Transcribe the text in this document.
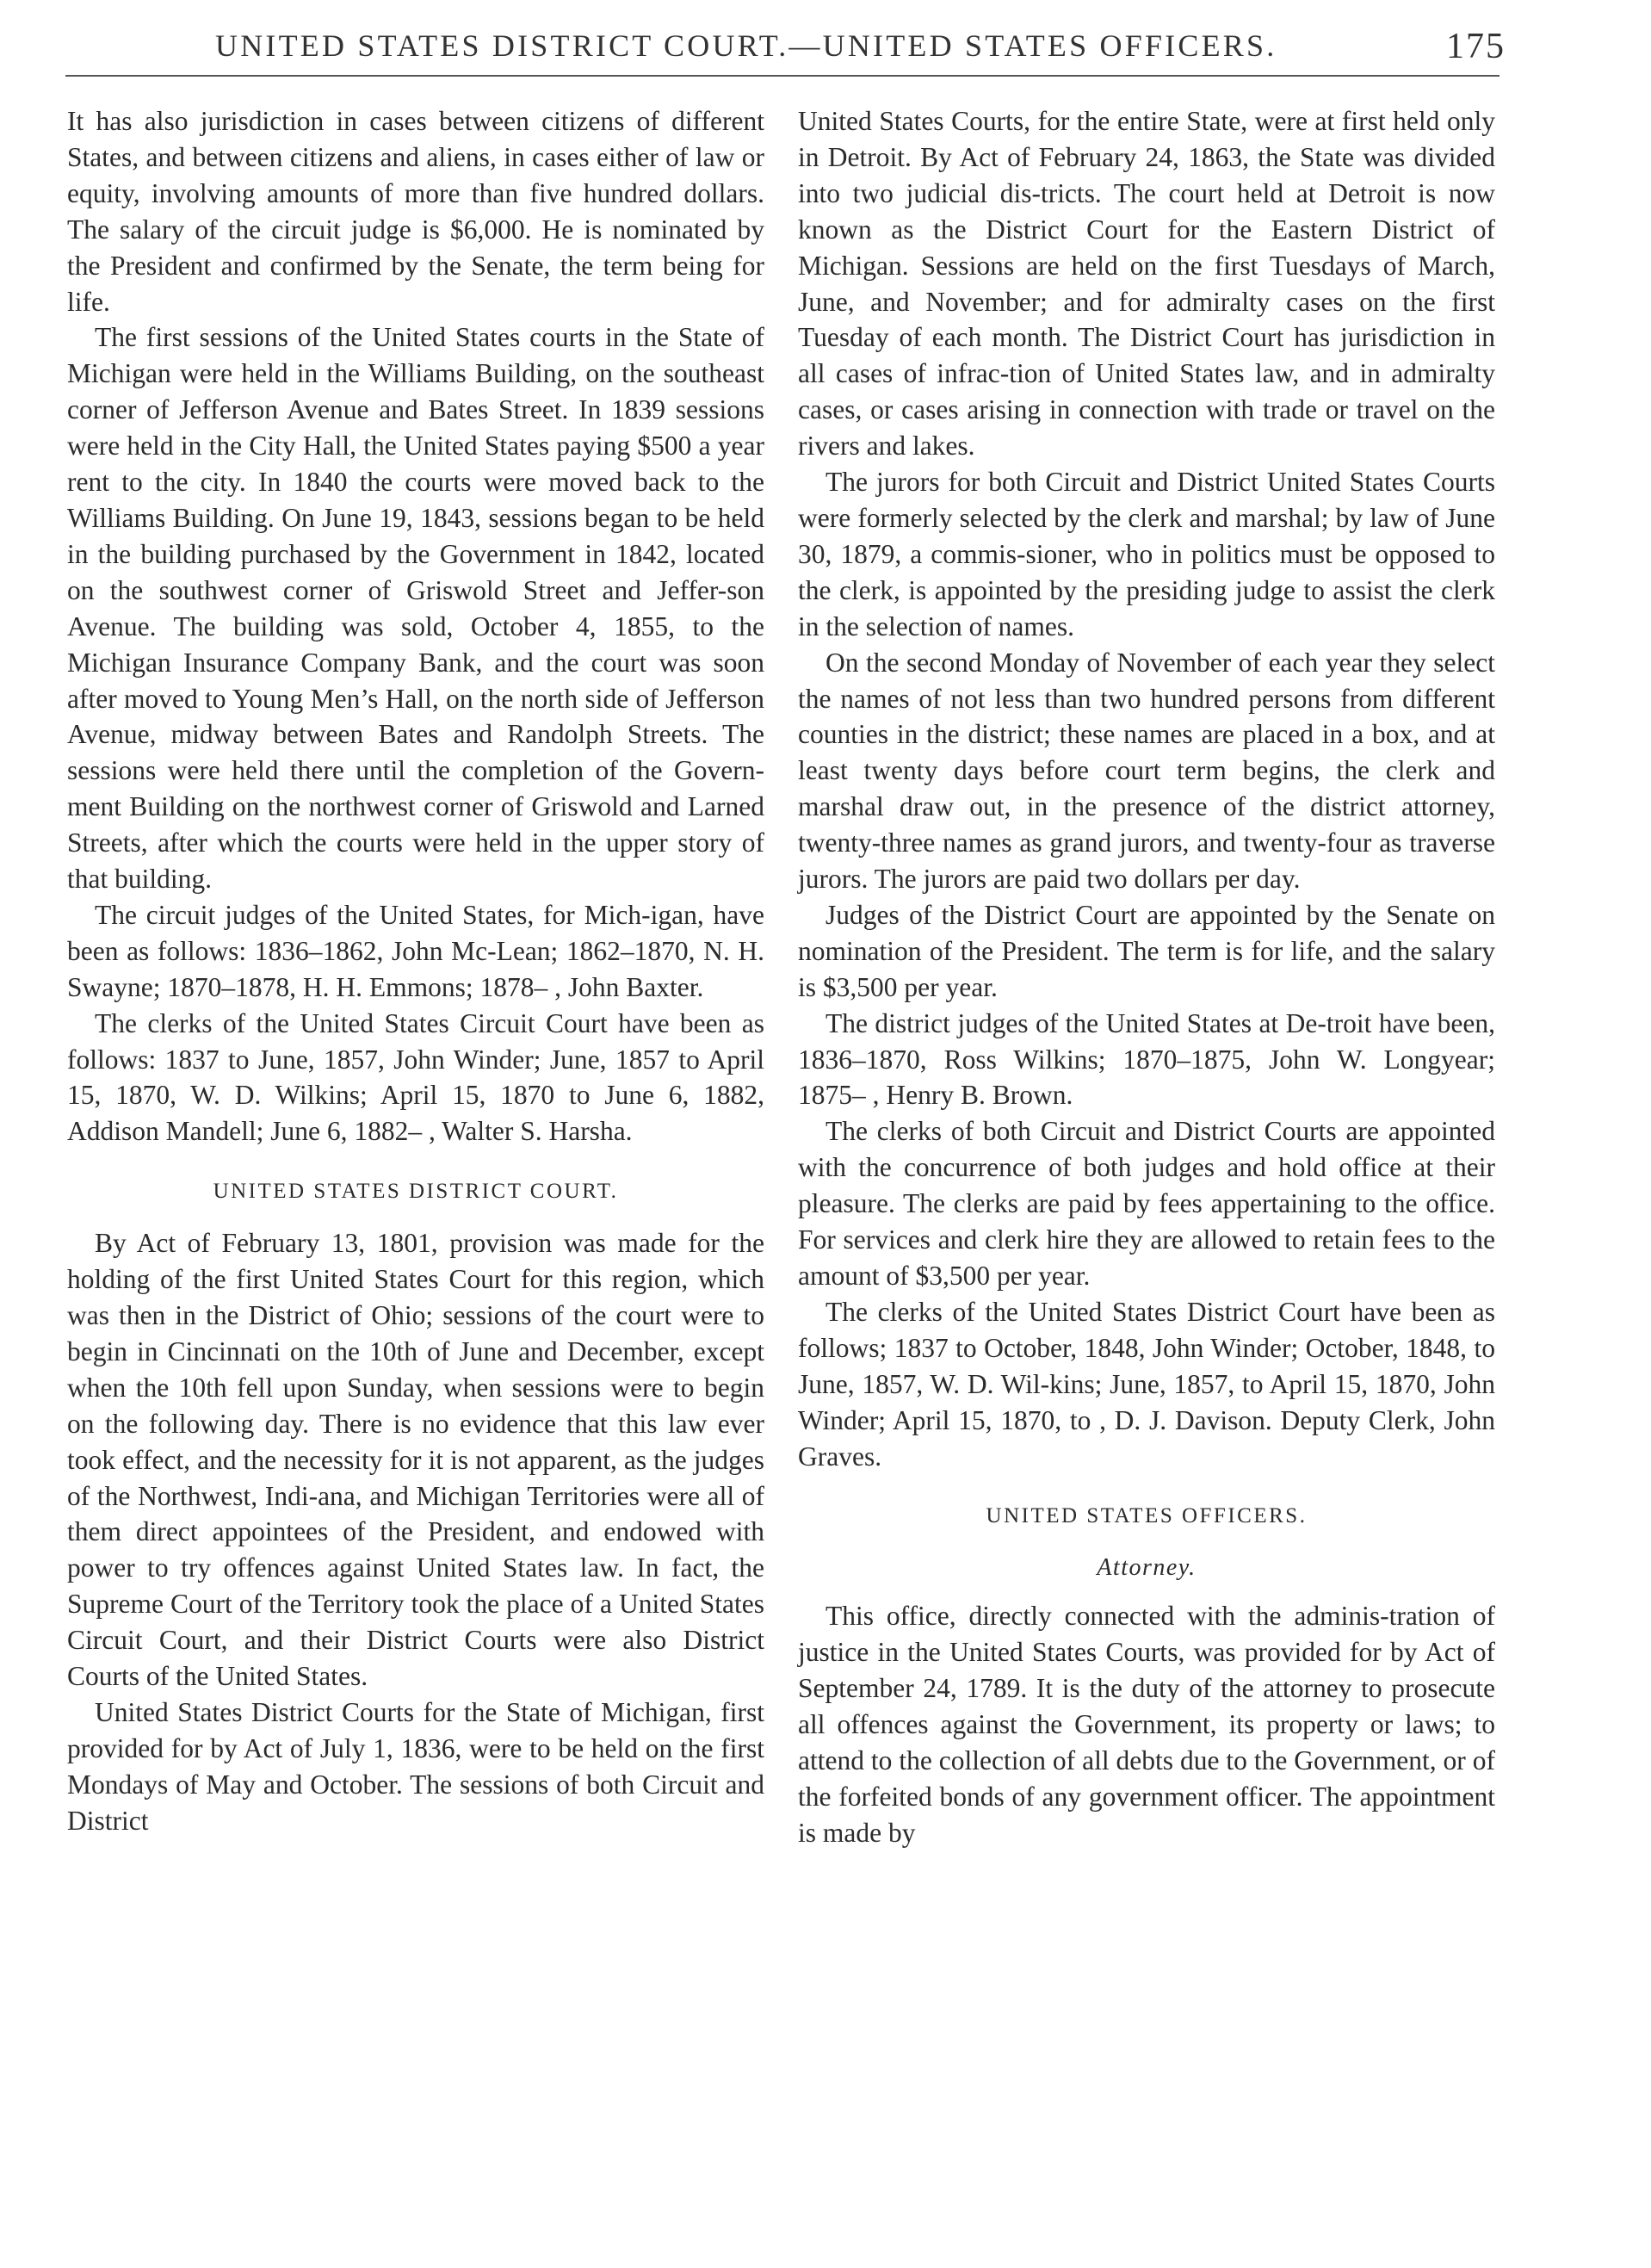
UNITED STATES DISTRICT COURT.—UNITED STATES OFFICERS.	175

It has also jurisdiction in cases between citizens of different States, and between citizens and aliens, in cases either of law or equity, involving amounts of more than five hundred dollars. The salary of the circuit judge is $6,000. He is nominated by the President and confirmed by the Senate, the term being for life.

The first sessions of the United States courts in the State of Michigan were held in the Williams Building, on the southeast corner of Jefferson Avenue and Bates Street. In 1839 sessions were held in the City Hall, the United States paying $500 a year rent to the city. In 1840 the courts were moved back to the Williams Building. On June 19, 1843, sessions began to be held in the building purchased by the Government in 1842, located on the southwest corner of Griswold Street and Jeffer-son Avenue. The building was sold, October 4, 1855, to the Michigan Insurance Company Bank, and the court was soon after moved to Young Men’s Hall, on the north side of Jefferson Avenue, midway between Bates and Randolph Streets. The sessions were held there until the completion of the Govern-ment Building on the northwest corner of Griswold and Larned Streets, after which the courts were held in the upper story of that building.

The circuit judges of the United States, for Mich-igan, have been as follows: 1836–1862, John Mc-Lean; 1862–1870, N. H. Swayne; 1870–1878, H. H. Emmons; 1878– , John Baxter.

The clerks of the United States Circuit Court have been as follows: 1837 to June, 1857, John Winder; June, 1857 to April 15, 1870, W. D. Wilkins; April 15, 1870 to June 6, 1882, Addison Mandell; June 6, 1882– , Walter S. Harsha.

UNITED STATES DISTRICT COURT.

By Act of February 13, 1801, provision was made for the holding of the first United States Court for this region, which was then in the District of Ohio; sessions of the court were to begin in Cincinnati on the 10th of June and December, except when the 10th fell upon Sunday, when sessions were to begin on the following day. There is no evidence that this law ever took effect, and the necessity for it is not apparent, as the judges of the Northwest, Indi-ana, and Michigan Territories were all of them direct appointees of the President, and endowed with power to try offences against United States law. In fact, the Supreme Court of the Territory took the place of a United States Circuit Court, and their District Courts were also District Courts of the United States.

United States District Courts for the State of Michigan, first provided for by Act of July 1, 1836, were to be held on the first Mondays of May and October. The sessions of both Circuit and District

United States Courts, for the entire State, were at first held only in Detroit. By Act of February 24, 1863, the State was divided into two judicial dis-tricts. The court held at Detroit is now known as the District Court for the Eastern District of Michigan. Sessions are held on the first Tuesdays of March, June, and November; and for admiralty cases on the first Tuesday of each month. The District Court has jurisdiction in all cases of infrac-tion of United States law, and in admiralty cases, or cases arising in connection with trade or travel on the rivers and lakes.

The jurors for both Circuit and District United States Courts were formerly selected by the clerk and marshal; by law of June 30, 1879, a commis-sioner, who in politics must be opposed to the clerk, is appointed by the presiding judge to assist the clerk in the selection of names.

On the second Monday of November of each year they select the names of not less than two hundred persons from different counties in the district; these names are placed in a box, and at least twenty days before court term begins, the clerk and marshal draw out, in the presence of the district attorney, twenty-three names as grand jurors, and twenty-four as traverse jurors. The jurors are paid two dollars per day.

Judges of the District Court are appointed by the Senate on nomination of the President. The term is for life, and the salary is $3,500 per year.

The district judges of the United States at De-troit have been, 1836–1870, Ross Wilkins; 1870–1875, John W. Longyear; 1875– , Henry B. Brown.

The clerks of both Circuit and District Courts are appointed with the concurrence of both judges and hold office at their pleasure. The clerks are paid by fees appertaining to the office. For services and clerk hire they are allowed to retain fees to the amount of $3,500 per year.

The clerks of the United States District Court have been as follows; 1837 to October, 1848, John Winder; October, 1848, to June, 1857, W. D. Wil-kins; June, 1857, to April 15, 1870, John Winder; April 15, 1870, to , D. J. Davison. Deputy Clerk, John Graves.

UNITED STATES OFFICERS.
Attorney.

This office, directly connected with the adminis-tration of justice in the United States Courts, was provided for by Act of September 24, 1789. It is the duty of the attorney to prosecute all offences against the Government, its property or laws; to attend to the collection of all debts due to the Government, or of the forfeited bonds of any government officer. The appointment is made by
